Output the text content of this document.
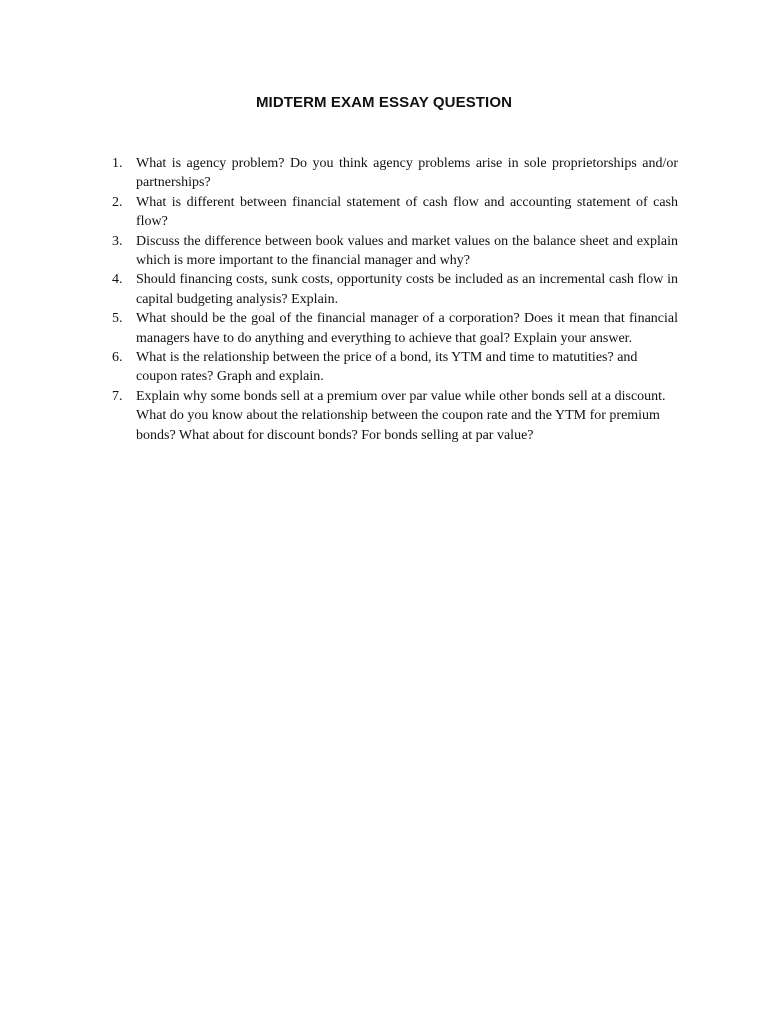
MIDTERM EXAM ESSAY QUESTION
1. What is agency problem? Do you think agency problems arise in sole proprietorships and/or partnerships?
2. What is different between financial statement of cash flow and accounting statement of cash flow?
3. Discuss the difference between book values and market values on the balance sheet and explain which is more important to the financial manager and why?
4. Should financing costs, sunk costs, opportunity costs be included as an incremental cash flow in capital budgeting analysis? Explain.
5. What should be the goal of the financial manager of a corporation? Does it mean that financial managers have to do anything and everything to achieve that goal? Explain your answer.
6. What is the relationship between the price of a bond, its YTM and time to matutities? and coupon rates? Graph and explain.
7. Explain why some bonds sell at a premium over par value while other bonds sell at a discount. What do you know about the relationship between the coupon rate and the YTM for premium bonds? What about for discount bonds? For bonds selling at par value?
